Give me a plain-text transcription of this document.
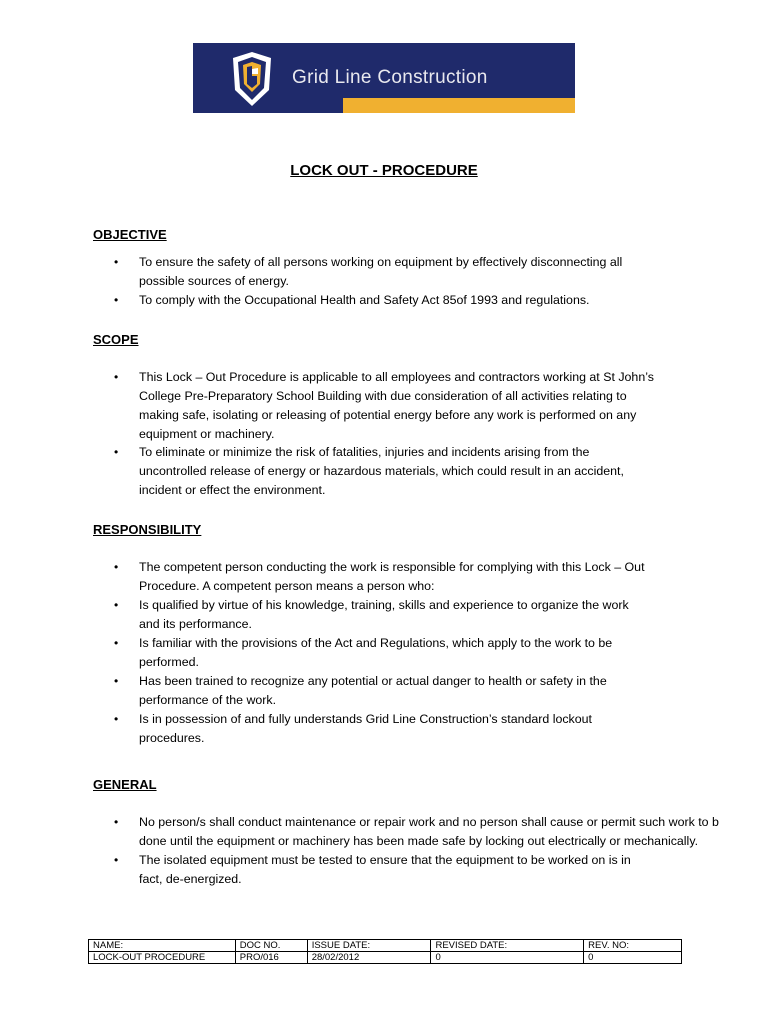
Grid Line Construction
LOCK OUT - PROCEDURE
OBJECTIVE
• To ensure the safety of all persons working on equipment by effectively disconnecting all
possible sources of energy.
• To comply with the Occupational Health and Safety Act 85of 1993 and regulations.
SCOPE
• This Lock – Out Procedure is applicable to all employees and contractors working at St John’s
College Pre-Preparatory School Building with due consideration of all activities relating to
making safe, isolating or releasing of potential energy before any work is performed on any
equipment or machinery.
• To eliminate or minimize the risk of fatalities, injuries and incidents arising from the
uncontrolled release of energy or hazardous materials, which could result in an accident,
incident or effect the environment.
RESPONSIBILITY
• The competent person conducting the work is responsible for complying with this Lock – Out
Procedure. A competent person means a person who:
• Is qualified by virtue of his knowledge, training, skills and experience to organize the work
and its performance.
• Is familiar with the provisions of the Act and Regulations, which apply to the work to be
performed.
• Has been trained to recognize any potential or actual danger to health or safety in the
performance of the work.
• Is in possession of and fully understands Grid Line Construction’s standard lockout
procedures.
GENERAL
• No person/s shall conduct maintenance or repair work and no person shall cause or permit such work to b
done until the equipment or machinery has been made safe by locking out electrically or mechanically.
• The isolated equipment must be tested to ensure that the equipment to be worked on is in
fact, de-energized.
NAME:	DOC NO.	ISSUE DATE:	REVISED DATE:	REV. NO:
LOCK-OUT PROCEDURE	PRO/016	28/02/2012	0	0
